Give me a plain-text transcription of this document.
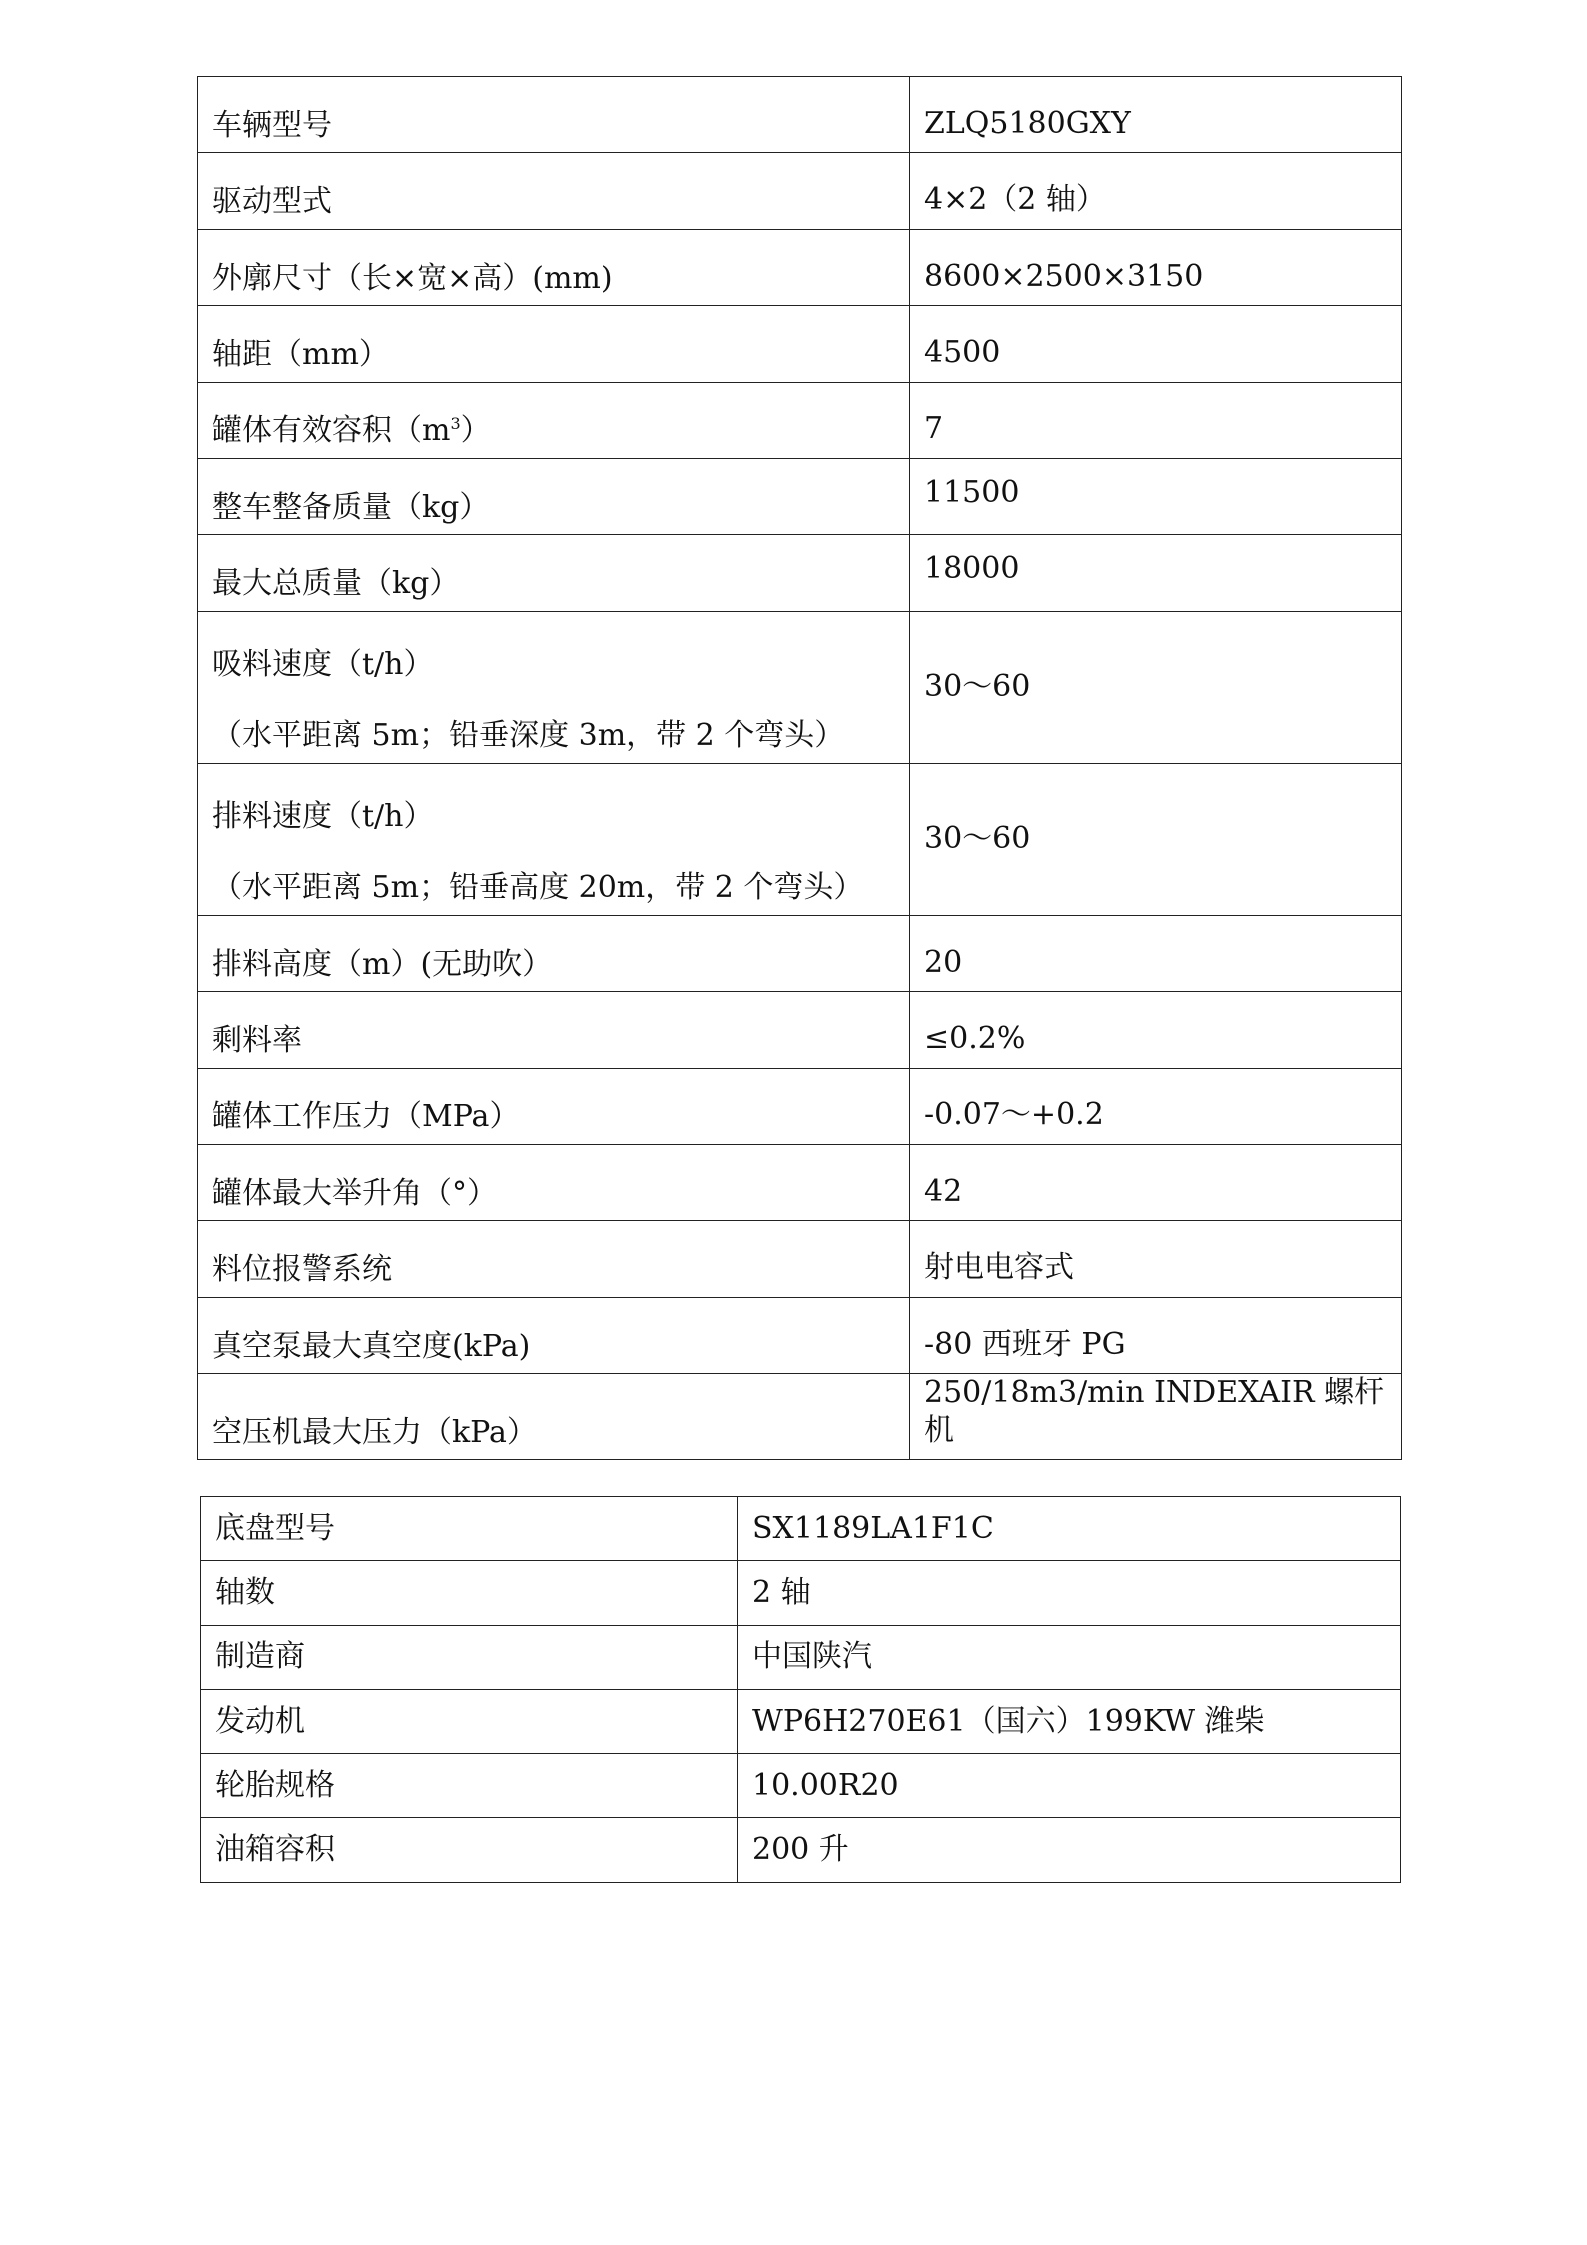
车辆型号	ZLQ5180GXY
驱动型式	4×2（2 轴）
外廓尺寸（长×宽×高）(mm)	8600×2500×3150
轴距（mm）	4500
罐体有效容积$(m^3)$	7
整车整备质量（kg）	11500
最大总质量（kg）	18000

吸料速度（t/h）
（水平距离 5m；铅垂深度 3m，带 2 个弯头）	30～60

排料速度（t/h）
（水平距离 5m；铅垂高度 20m，带 2 个弯头）	30～60
排料高度（m）(无助吹）	20
剩料率	≤0.2%
罐体工作压力（MPa）	-0.07～+0.2
罐体最大举升角（°）	42
料位报警系统	射电电容式
真空泵最大真空度(kPa)	-80 西班牙 PG
空压机最大压力（kPa）	250/18m3/min INDEXAIR 螺杆机
底盘型号	SX1189LA1F1C
轴数	2 轴
制造商	中国陕汽
发动机	WP6H270E61（国六）199KW 潍柴
轮胎规格	10.00R20
油箱容积	200 升
